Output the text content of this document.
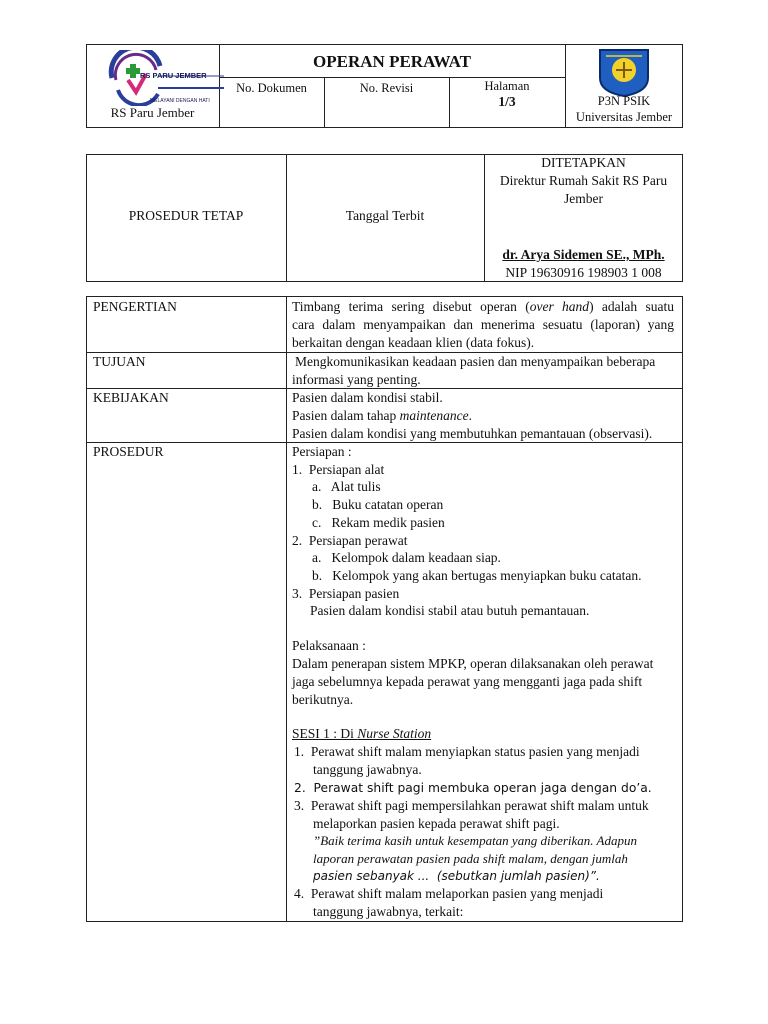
RS PARU JEMBER
MELAYANI DENGAN HATI
RS Paru Jember
OPERAN PERAWAT
No. Dokumen	No. Revisi	Halaman
1/3	P3N PSIK
Universitas Jember
PROSEDUR TETAP	Tanggal Terbit
DITETAPKAN
Direktur Rumah Sakit RS Paru
Jember
dr. Arya Sidemen SE., MPh.
NIP 19630916 198903 1 008
PENGERTIAN	Timbang terima sering disebut operan (over hand) adalah suatu
cara dalam menyampaikan dan menerima sesuatu (laporan) yang
berkaitan dengan keadaan klien (data fokus).
TUJUAN	Mengkomunikasikan keadaan pasien dan menyampaikan beberapa
informasi yang penting.
KEBIJAKAN	Pasien dalam kondisi stabil.
Pasien dalam tahap maintenance.
Pasien dalam kondisi yang membutuhkan pemantauan (observasi).
PROSEDUR	Persiapan :
1.  Persiapan alat
a.   Alat tulis
b.   Buku catatan operan
c.   Rekam medik pasien
2.  Persiapan perawat
a.   Kelompok dalam keadaan siap.
b.   Kelompok yang akan bertugas menyiapkan buku catatan.
3.  Persiapan pasien
Pasien dalam kondisi stabil atau butuh pemantauan.
Pelaksanaan :
Dalam penerapan sistem MPKP, operan dilaksanakan oleh perawat
jaga sebelumnya kepada perawat yang mengganti jaga pada shift
berikutnya.
SESI 1 : Di Nurse Station
1.  Perawat shift malam menyiapkan status pasien yang menjadi
tanggung jawabnya.
2.  Perawat shift pagi membuka operan jaga dengan do’a.
3.  Perawat shift pagi mempersilahkan perawat shift malam untuk
melaporkan pasien kepada perawat shift pagi.
”Baik terima kasih untuk kesempatan yang diberikan. Adapun
laporan perawatan pasien pada shift malam, dengan jumlah
pasien sebanyak ...  (sebutkan jumlah pasien)”.
4.  Perawat shift malam melaporkan pasien yang menjadi
tanggung jawabnya, terkait:
